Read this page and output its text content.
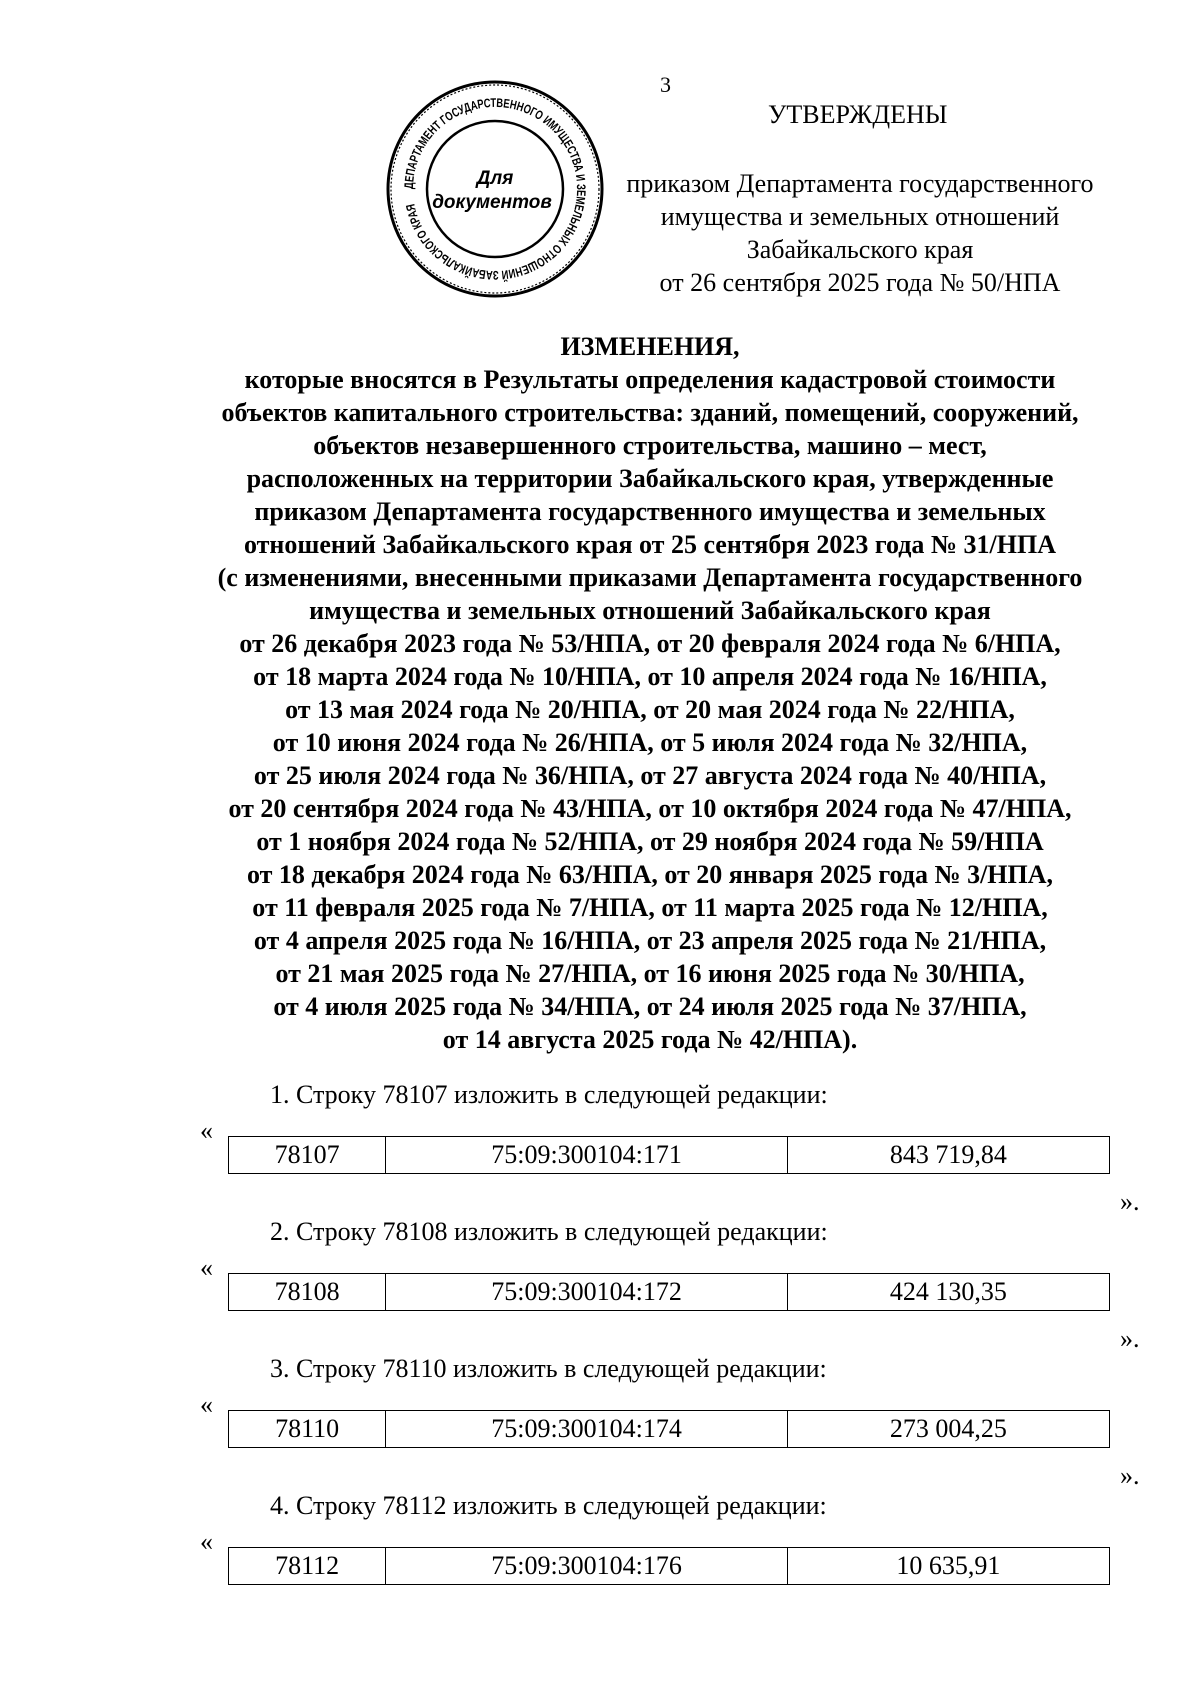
3
ДЕПАРТАМЕНТ ГОСУДАРСТВЕННОГО ИМУЩЕСТВА И ЗЕМЕЛЬНЫХ ОТНОШЕНИЙ ЗАБАЙКАЛЬСКОГО КРАЯ
Для
документов
УТВЕРЖДЕНЫ
приказом Департамента государственного
имущества и земельных отношений
Забайкальского края
от 26 сентября 2025 года № 50/НПА
ИЗМЕНЕНИЯ,
которые вносятся в Результаты определения кадастровой стоимости
объектов капитального строительства: зданий, помещений, сооружений,
объектов незавершенного строительства, машино – мест,
расположенных на территории Забайкальского края, утвержденные
приказом Департамента государственного имущества и земельных
отношений Забайкальского края от 25 сентября 2023 года № 31/НПА
(с изменениями, внесенными приказами Департамента государственного
имущества и земельных отношений Забайкальского края
от 26 декабря 2023 года № 53/НПА, от 20 февраля 2024 года № 6/НПА,
от 18 марта 2024 года № 10/НПА, от 10 апреля 2024 года № 16/НПА,
от 13 мая 2024 года № 20/НПА, от 20 мая 2024 года № 22/НПА,
от 10 июня 2024 года № 26/НПА, от 5 июля 2024 года № 32/НПА,
от 25 июля 2024 года № 36/НПА, от 27 августа 2024 года № 40/НПА,
от 20 сентября 2024 года № 43/НПА, от 10 октября 2024 года № 47/НПА,
от 1 ноября 2024 года № 52/НПА, от 29 ноября 2024 года № 59/НПА
от 18 декабря 2024 года № 63/НПА, от 20 января 2025 года № 3/НПА,
от 11 февраля 2025 года № 7/НПА, от 11 марта 2025 года № 12/НПА,
от 4 апреля 2025 года № 16/НПА, от 23 апреля 2025 года № 21/НПА,
от 21 мая 2025 года № 27/НПА, от 16 июня 2025 года № 30/НПА,
от 4 июля 2025 года № 34/НПА, от 24 июля 2025 года № 37/НПА,
от 14 августа 2025 года № 42/НПА).
1. Строку 78107 изложить в следующей редакции:
«
78107	75:09:300104:171	843 719,84
».
2. Строку 78108 изложить в следующей редакции:
«
78108	75:09:300104:172	424 130,35
».
3. Строку 78110 изложить в следующей редакции:
«
78110	75:09:300104:174	273 004,25
».
4. Строку 78112 изложить в следующей редакции:
«
78112	75:09:300104:176	10 635,91
